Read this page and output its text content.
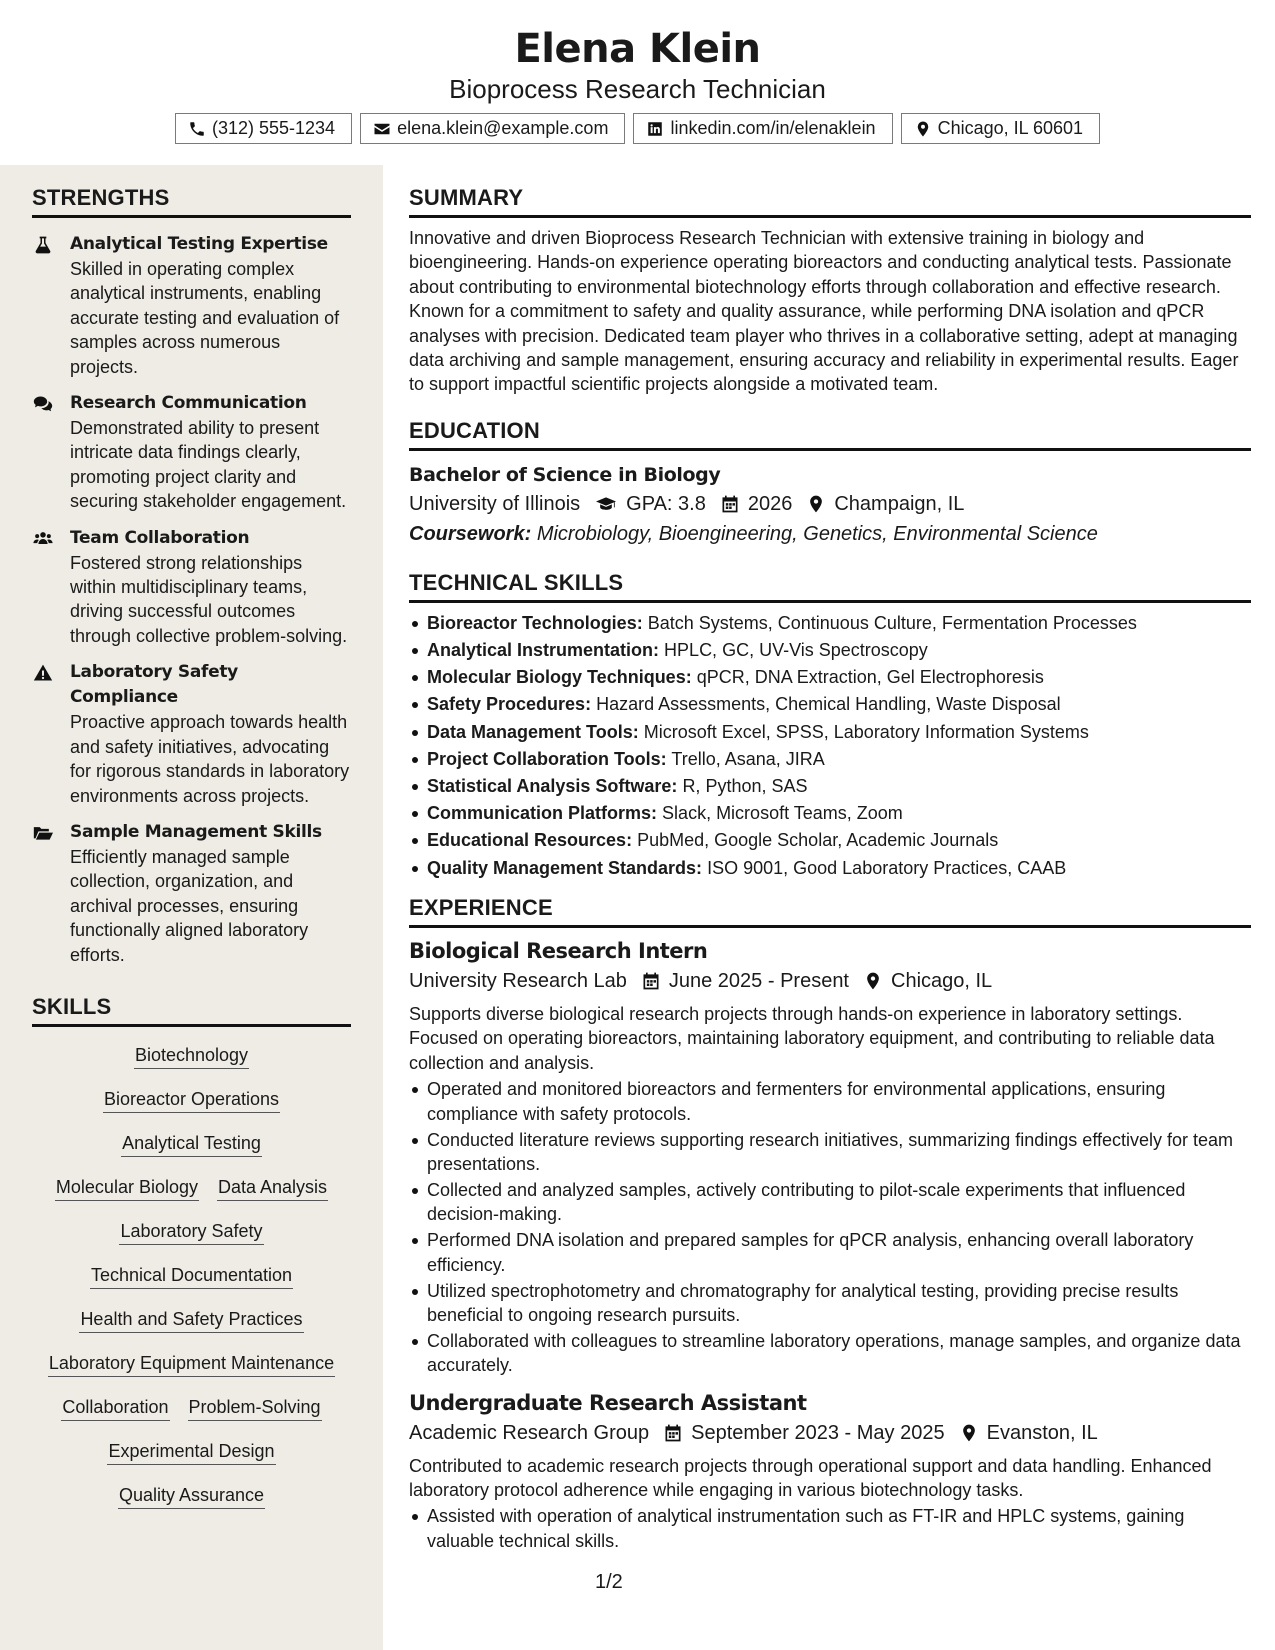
Elena Klein
Bioprocess Research Technician
(312) 555-1234	elena.klein@example.com	linkedin.com/in/elenaklein	Chicago, IL 60601
STRENGTHS
Analytical Testing Expertise
Skilled in operating complex analytical instruments, enabling accurate testing and evaluation of samples across numerous projects.
Research Communication
Demonstrated ability to present intricate data findings clearly, promoting project clarity and securing stakeholder engagement.
Team Collaboration
Fostered strong relationships within multidisciplinary teams, driving successful outcomes through collective problem-solving.
Laboratory Safety Compliance
Proactive approach towards health and safety initiatives, advocating for rigorous standards in laboratory environments across projects.
Sample Management Skills
Efficiently managed sample collection, organization, and archival processes, ensuring functionally aligned laboratory efforts.
SKILLS
Biotechnology
Bioreactor Operations
Analytical Testing
Molecular Biology Data Analysis
Laboratory Safety
Technical Documentation
Health and Safety Practices
Laboratory Equipment Maintenance
Collaboration Problem-Solving
Experimental Design
Quality Assurance
SUMMARY
Innovative and driven Bioprocess Research Technician with extensive training in biology and bioengineering. Hands-on experience operating bioreactors and conducting analytical tests. Passionate about contributing to environmental biotechnology efforts through collaboration and effective research. Known for a commitment to safety and quality assurance, while performing DNA isolation and qPCR analyses with precision. Dedicated team player who thrives in a collaborative setting, adept at managing data archiving and sample management, ensuring accuracy and reliability in experimental results. Eager to support impactful scientific projects alongside a motivated team.
EDUCATION
Bachelor of Science in Biology
University of Illinois GPA: 3.8 2026 Champaign, IL
Coursework: Microbiology, Bioengineering, Genetics, Environmental Science
TECHNICAL SKILLS
Bioreactor Technologies: Batch Systems, Continuous Culture, Fermentation Processes
Analytical Instrumentation: HPLC, GC, UV-Vis Spectroscopy
Molecular Biology Techniques: qPCR, DNA Extraction, Gel Electrophoresis
Safety Procedures: Hazard Assessments, Chemical Handling, Waste Disposal
Data Management Tools: Microsoft Excel, SPSS, Laboratory Information Systems
Project Collaboration Tools: Trello, Asana, JIRA
Statistical Analysis Software: R, Python, SAS
Communication Platforms: Slack, Microsoft Teams, Zoom
Educational Resources: PubMed, Google Scholar, Academic Journals
Quality Management Standards: ISO 9001, Good Laboratory Practices, CAAB
EXPERIENCE
Biological Research Intern
University Research Lab June 2025 - Present Chicago, IL
Supports diverse biological research projects through hands-on experience in laboratory settings. Focused on operating bioreactors, maintaining laboratory equipment, and contributing to reliable data collection and analysis.
Operated and monitored bioreactors and fermenters for environmental applications, ensuring compliance with safety protocols.
Conducted literature reviews supporting research initiatives, summarizing findings effectively for team presentations.
Collected and analyzed samples, actively contributing to pilot-scale experiments that influenced decision-making.
Performed DNA isolation and prepared samples for qPCR analysis, enhancing overall laboratory efficiency.
Utilized spectrophotometry and chromatography for analytical testing, providing precise results beneficial to ongoing research pursuits.
Collaborated with colleagues to streamline laboratory operations, manage samples, and organize data accurately.
Undergraduate Research Assistant
Academic Research Group September 2023 - May 2025 Evanston, IL
Contributed to academic research projects through operational support and data handling. Enhanced laboratory protocol adherence while engaging in various biotechnology tasks.
Assisted with operation of analytical instrumentation such as FT-IR and HPLC systems, gaining valuable technical skills.
1/2
